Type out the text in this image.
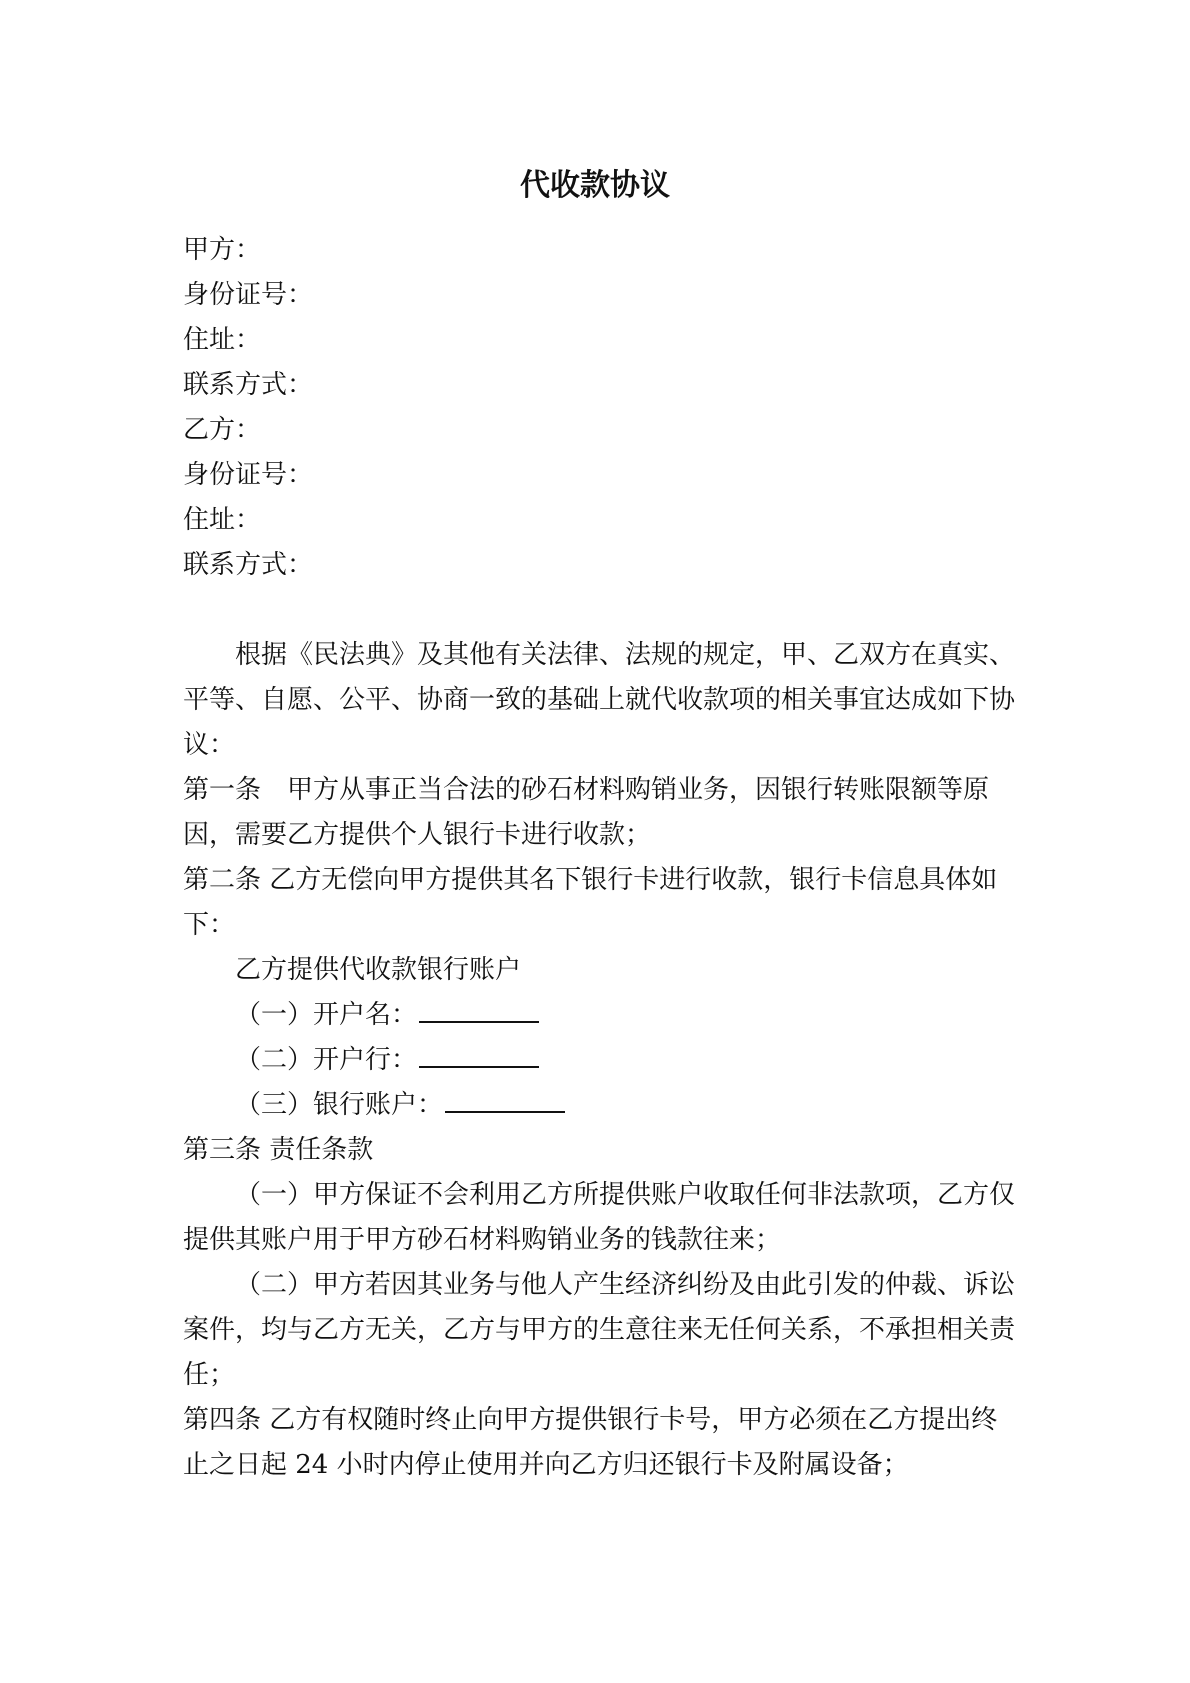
代收款协议

甲方：

身份证号：

住址：

联系方式：

乙方：

身份证号：

住址：

联系方式：

根据《民法典》及其他有关法律、法规的规定，甲、乙双方在真实、平等、自愿、公平、协商一致的基础上就代收款项的相关事宜达成如下协议：

第一条　甲方从事正当合法的砂石材料购销业务，因银行转账限额等原因，需要乙方提供个人银行卡进行收款；

第二条 乙方无偿向甲方提供其名下银行卡进行收款，银行卡信息具体如下：

乙方提供代收款银行账户

（一）开户名：

（二）开户行：

（三）银行账户：

第三条 责任条款

（一）甲方保证不会利用乙方所提供账户收取任何非法款项，乙方仅提供其账户用于甲方砂石材料购销业务的钱款往来；

（二）甲方若因其业务与他人产生经济纠纷及由此引发的仲裁、诉讼案件，均与乙方无关，乙方与甲方的生意往来无任何关系，不承担相关责任；

第四条 乙方有权随时终止向甲方提供银行卡号，甲方必须在乙方提出终止之日起 24 小时内停止使用并向乙方归还银行卡及附属设备；
